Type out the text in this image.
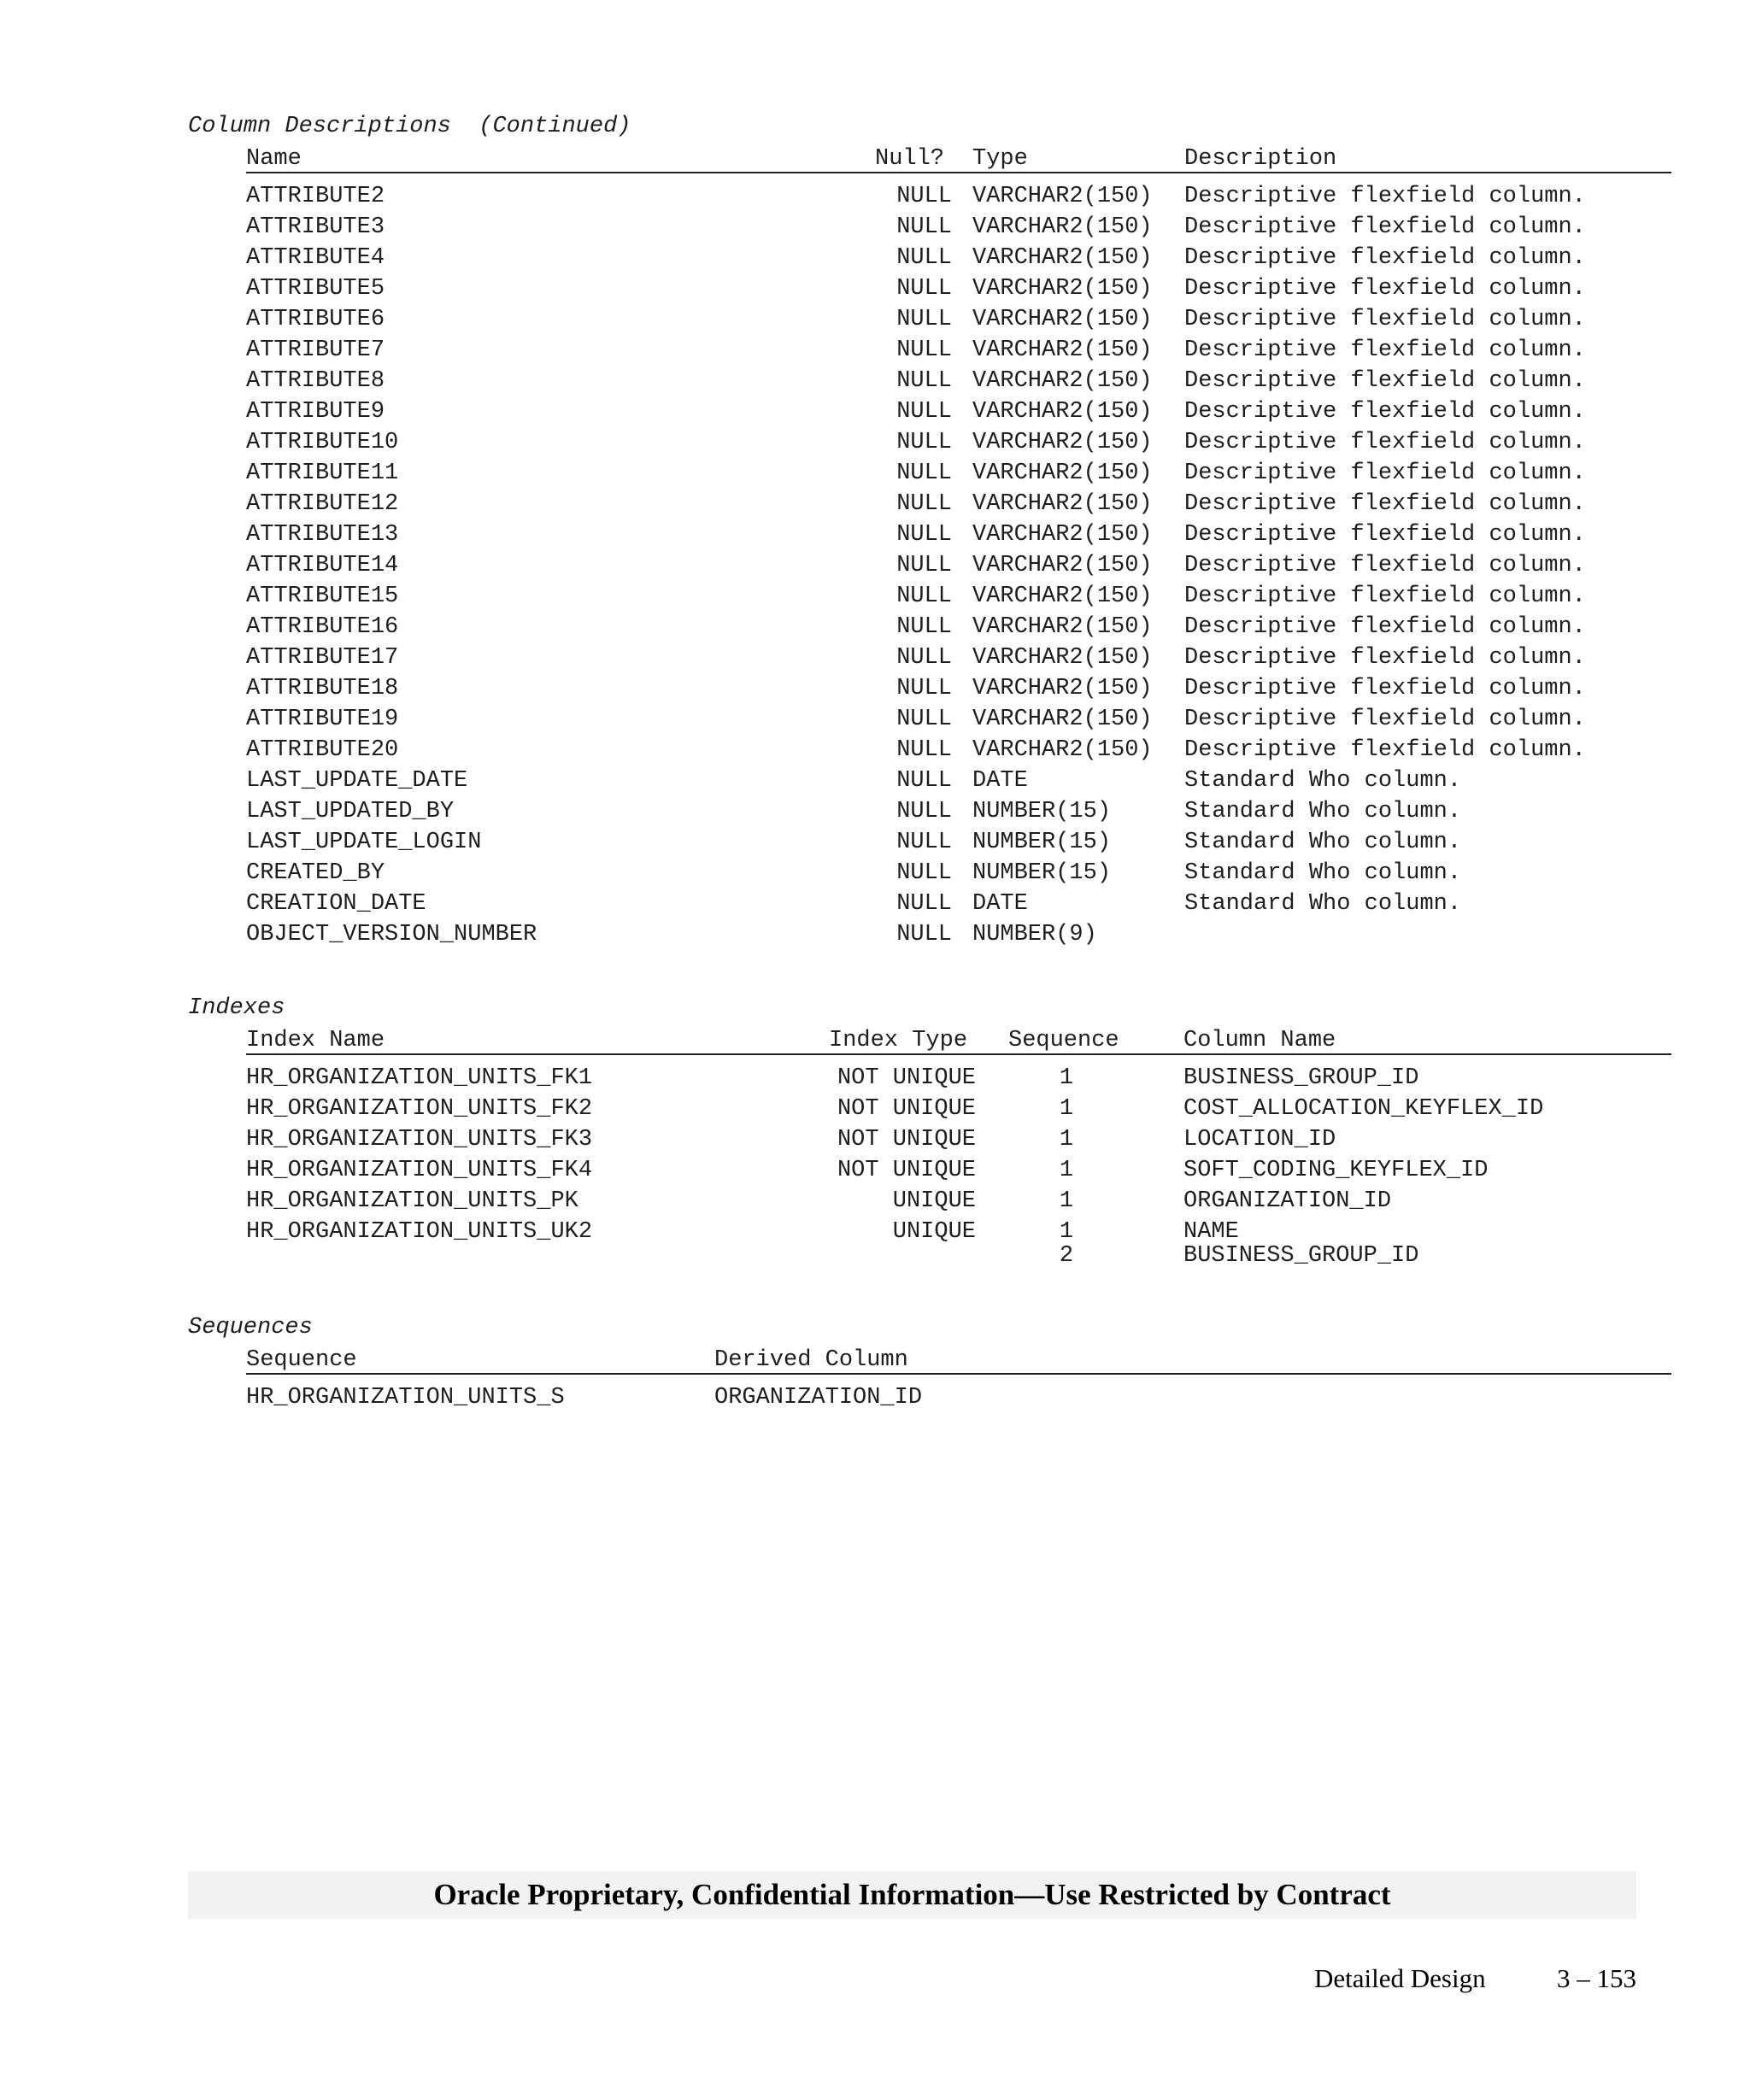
Column Descriptions (Continued)
Name	Null? Type	Description
ATTRIBUTE2	NULL VARCHAR2(150) Descriptive flexfield column.
ATTRIBUTE3	NULL VARCHAR2(150) Descriptive flexfield column.
ATTRIBUTE4	NULL VARCHAR2(150) Descriptive flexfield column.
ATTRIBUTE5	NULL VARCHAR2(150) Descriptive flexfield column.
ATTRIBUTE6	NULL VARCHAR2(150) Descriptive flexfield column.
ATTRIBUTE7	NULL VARCHAR2(150) Descriptive flexfield column.
ATTRIBUTE8	NULL VARCHAR2(150) Descriptive flexfield column.
ATTRIBUTE9	NULL VARCHAR2(150) Descriptive flexfield column.
ATTRIBUTE10	NULL VARCHAR2(150) Descriptive flexfield column.
ATTRIBUTE11	NULL VARCHAR2(150) Descriptive flexfield column.
ATTRIBUTE12	NULL VARCHAR2(150) Descriptive flexfield column.
ATTRIBUTE13	NULL VARCHAR2(150) Descriptive flexfield column.
ATTRIBUTE14	NULL VARCHAR2(150) Descriptive flexfield column.
ATTRIBUTE15	NULL VARCHAR2(150) Descriptive flexfield column.
ATTRIBUTE16	NULL VARCHAR2(150) Descriptive flexfield column.
ATTRIBUTE17	NULL VARCHAR2(150) Descriptive flexfield column.
ATTRIBUTE18	NULL VARCHAR2(150) Descriptive flexfield column.
ATTRIBUTE19	NULL VARCHAR2(150) Descriptive flexfield column.
ATTRIBUTE20	NULL VARCHAR2(150) Descriptive flexfield column.
LAST_UPDATE_DATE	NULL DATE	Standard Who column.
LAST_UPDATED_BY	NULL NUMBER(15)	Standard Who column.
LAST_UPDATE_LOGIN	NULL NUMBER(15)	Standard Who column.
CREATED_BY	NULL NUMBER(15)	Standard Who column.
CREATION_DATE	NULL DATE	Standard Who column.
OBJECT_VERSION_NUMBER	NULL NUMBER(9)
Indexes
Index Name	Index Type Sequence	Column Name
HR_ORGANIZATION_UNITS_FK1	NOT UNIQUE	1	BUSINESS_GROUP_ID
HR_ORGANIZATION_UNITS_FK2	NOT UNIQUE	1	COST_ALLOCATION_KEYFLEX_ID
HR_ORGANIZATION_UNITS_FK3	NOT UNIQUE	1	LOCATION_ID
HR_ORGANIZATION_UNITS_FK4	NOT UNIQUE	1	SOFT_CODING_KEYFLEX_ID
HR_ORGANIZATION_UNITS_PK	UNIQUE	1	ORGANIZATION_ID
HR_ORGANIZATION_UNITS_UK2	UNIQUE	1	NAME
2	BUSINESS_GROUP_ID
Sequences
Sequence	Derived Column
HR_ORGANIZATION_UNITS_S	ORGANIZATION_ID
Oracle Proprietary, Confidential Information––Use Restricted by Contract
Detailed Design	3 – 153
